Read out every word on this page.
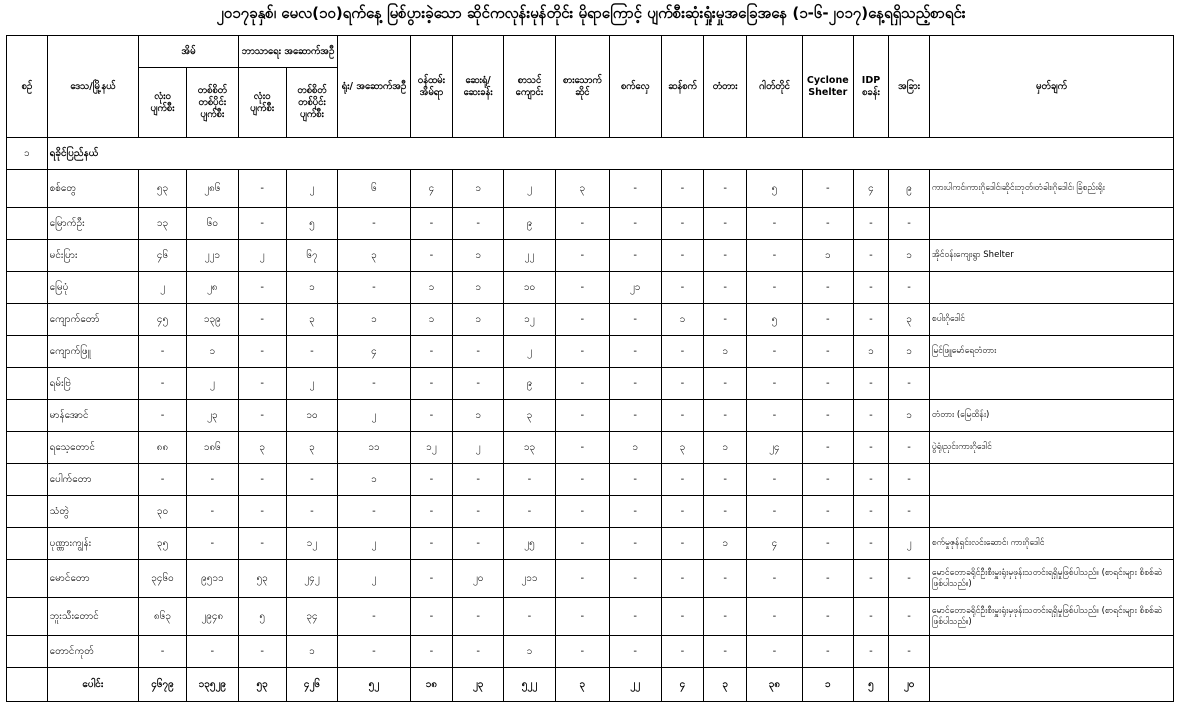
၂၀၁၇ခုနှစ်၊ မေလ(၁၀)ရက်နေ့ မြစ်ပွားခဲ့သော ဆိုင်ကလုန်းမုန်တိုင်း မိုရာကြောင့် ပျက်စီးဆုံးရှုံးမှုအခြေအနေ (၁-၆-၂၀၁၇)နေ့ရရှိသည့်စာရင်း
စဥ်	ဒေသ/မြို့နယ်	အိမ်		ဘာသာရေး အဆောက်အဦ		ရုံး/ အဆောက်အဦ	ဝန်ထမ်း အိမ်ရာ	ဆေးရုံ/ ဆေးခန်း	စာသင် ကျောင်း	စားသောက် ဆိုင်	စက်လှေ	ဆန်စက်	တံတား	ဂါတ်တိုင်	Cyclone Shelter	IDP စခန်း	အခြား	မှတ်ချက်
		လုံး၀ ပျက်စီး	တစ်စိတ် တစ်ပိုင်း ပျက်စီး	လုံး၀ ပျက်စီး	တစ်စိတ် တစ်ပိုင်း ပျက်စီး													
၁	ရခိုင်ပြည်နယ်																	
	စစ်တွေ	၅၃	၂၈၆	-	၂	၆	၄	၁	၂	၃	-	-	-	၅	-	၄	၉	ကားပါကင်၊ကားဂိုဒေါင်၊ဆိုင်းဘုတ်၊တံခါး၊ဂိုဒေါင်၊ ခြံစည်းရိုး
	မြောက်ဦး	၁၃	၆၀	-	၅	-	-	-	၉	-	-	-	-	-	-	-	-	
	မင်းပြား	၄၆	၂၂၁	၂	၆၇	၃	-	၁	၂၂	-	-	-	-	-	၁	-	၁	အိုင်ဝန်းကျေးရွာ Shelter
	မြေပုံ	၂	၂၈	-	၁	-	၁	၁	၁၀	-	၂၁	-	-	-	-	-	-	
	ကျောက်တော်	၄၅	၁၃၉	-	၃	၁	၁	၁	၁၂	-	-	၁	-	၅	-	-	၃	စပါးဂိုဒေါင်
	ကျောက်ဖြူ	-	၁	-	-	၄	-	-	၂	-	-	-	၁	-	-	၁	၁	မြင်ဖြူမော်ရေတံတား
	ရမ်းဗြဲ	-	၂	-	၂	-	-	-	၉	-	-	-	-	-	-	-	-	
	မာန်အောင်	-	၂၃	-	၁၀	၂	-	၁	၃	-	-	-	-	-	-	-	၁	တံတား (မြေထိန်း)
	ရသေ့တောင်	၈၈	၁၈၆	၃	၃	၁၁	၁၂	၂	၁၃	-	၁	၃	၁	၂၄	-	-	-	ပွဲရုံ၊ညှင်းကားဂိုဒေါင်
	ပေါက်တော	-	-	-	-	၁	-	-	-	-	-	-	-	-	-	-	-	
	သံတွဲ	၃၀	-	-	-	-	-	-	-	-	-	-	-	-	-	-	-	
	ပုဏ္ဏားကျွန်း	၃၅	-	-	၁၂	၂	-	-	၂၅	-	-	-	၁	၄	-	-	၂	စက်မှုဇုန်ရှင်းလင်းဆောင်၊ ကားဂိုဒေါင်
	မောင်တော	၃၄၆၀	၉၅၁၁	၅၃	၂၄၂	၂	-	၂၀	၂၁၁	-	-	-	-	-	-	-	-	မောင်တောခရိုင်ဦးစီးမှူးရုံးမှဖုန်းသတင်းရရှိမှုဖြစ်ပါသည်။ (စာရင်းများ စိစစ်ဆဲဖြစ်ပါသည်။)
	ဘူးသီးတောင်	၈၆၃	၂၉၄၈	၅	၃၄	-	-	-	-	-	-	-	-	-	-	-	-	မောင်တောခရိုင်ဦးစီးမှူးရုံးမှဖုန်းသတင်းရရှိမှုဖြစ်ပါသည်။ (စာရင်းများ စိစစ်ဆဲဖြစ်ပါသည်။)
	တောင်ကုတ်	-	-	-	၁	-	-	-	၁	-	-	-	-	-	-	-	-	
	ပေါင်း	၄၆၇၉	၁၃၅၂၉	၅၃	၄၂၆	၅၂	၁၈	၂၃	၅၂၂	၃	၂၂	၄	၃	၃၈	၁	၅	၂၀	
